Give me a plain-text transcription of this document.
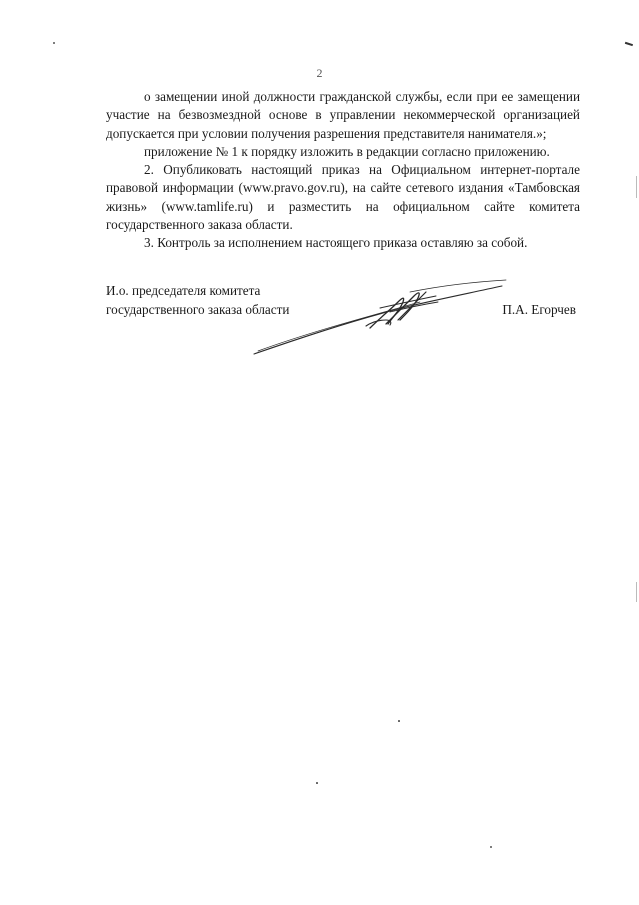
2

о замещении иной должности гражданской службы, если при ее замещении участие на безвозмездной основе в управлении некоммерческой организацией допускается при условии получения разрешения представителя нанимателя.»;

приложение № 1 к порядку изложить в редакции согласно приложению.

2. Опубликовать настоящий приказ на Официальном интернет-портале правовой информации (www.pravo.gov.ru), на сайте сетевого издания «Тамбовская жизнь» (www.tamlife.ru) и разместить на официальном сайте комитета государственного заказа области.

3. Контроль за исполнением настоящего приказа оставляю за собой.

И.о. председателя комитета
государственного заказа области	П.А. Егорчев
